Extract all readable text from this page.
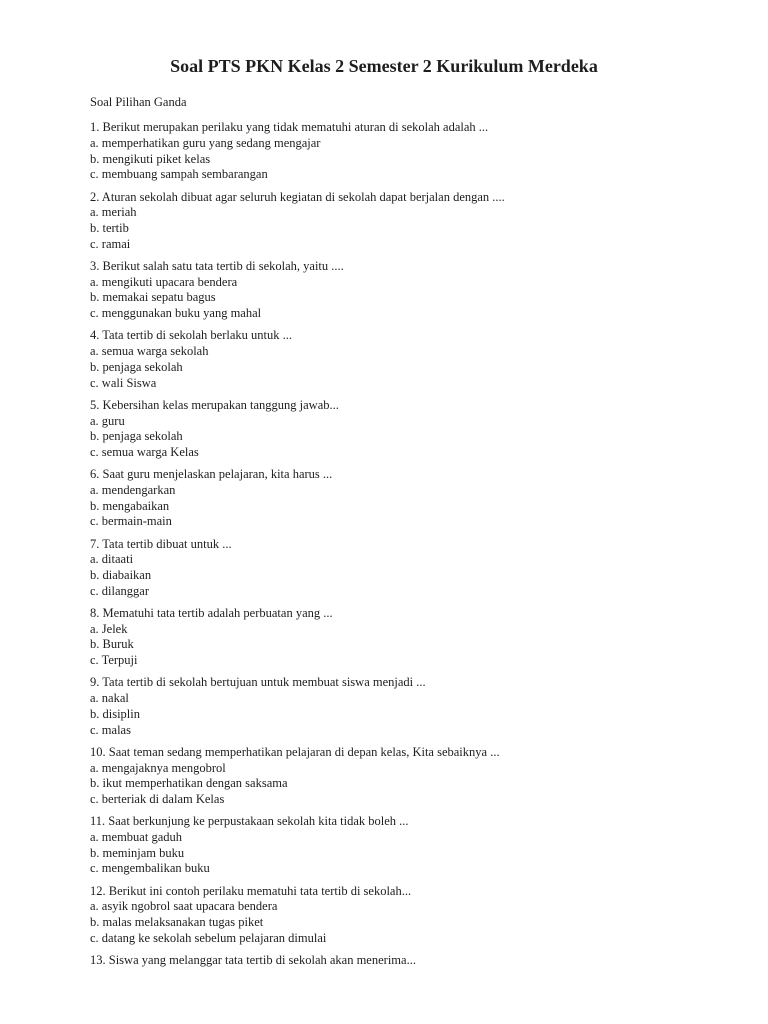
Soal PTS PKN Kelas 2 Semester 2 Kurikulum Merdeka
Soal Pilihan Ganda
1. Berikut merupakan perilaku yang tidak mematuhi aturan di sekolah adalah ...
a. memperhatikan guru yang sedang mengajar
b. mengikuti piket kelas
c. membuang sampah sembarangan
2. Aturan sekolah dibuat agar seluruh kegiatan di sekolah dapat berjalan dengan ....
a. meriah
b. tertib
c. ramai
3. Berikut salah satu tata tertib di sekolah, yaitu ....
a. mengikuti upacara bendera
b. memakai sepatu bagus
c. menggunakan buku yang mahal
4. Tata tertib di sekolah berlaku untuk ...
a. semua warga sekolah
b. penjaga sekolah
c. wali Siswa
5. Kebersihan kelas merupakan tanggung jawab...
a. guru
b. penjaga sekolah
c. semua warga Kelas
6. Saat guru menjelaskan pelajaran, kita harus ...
a. mendengarkan
b. mengabaikan
c. bermain-main
7. Tata tertib dibuat untuk ...
a. ditaati
b. diabaikan
c. dilanggar
8. Mematuhi tata tertib adalah perbuatan yang ...
a. Jelek
b. Buruk
c. Terpuji
9. Tata tertib di sekolah bertujuan untuk membuat siswa menjadi ...
a. nakal
b. disiplin
c. malas
10. Saat teman sedang memperhatikan pelajaran di depan kelas, Kita sebaiknya ...
a. mengajaknya mengobrol
b. ikut memperhatikan dengan saksama
c. berteriak di dalam Kelas
11. Saat berkunjung ke perpustakaan sekolah kita tidak boleh ...
a. membuat gaduh
b. meminjam buku
c. mengembalikan buku
12. Berikut ini contoh perilaku mematuhi tata tertib di sekolah...
a. asyik ngobrol saat upacara bendera
b. malas melaksanakan tugas piket
c. datang ke sekolah sebelum pelajaran dimulai
13. Siswa yang melanggar tata tertib di sekolah akan menerima...
